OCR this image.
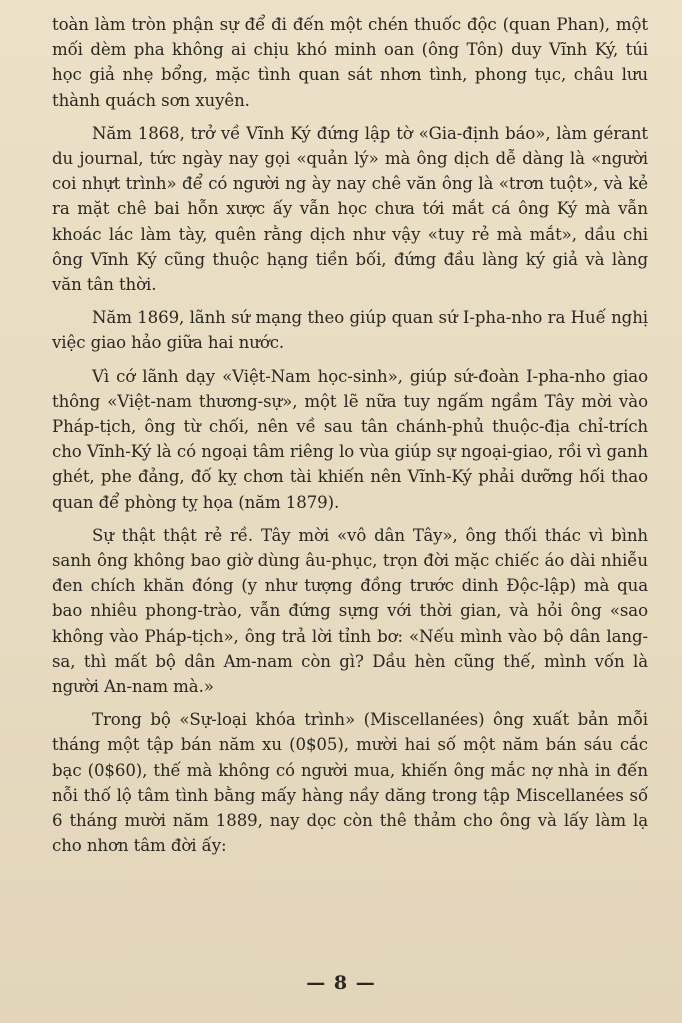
toàn làm tròn phận sự để đi đến một chén thuốc độc (quan Phan), một mối dèm pha không ai chịu khó minh oan (ông Tôn) duy Vĩnh Ký, túi học giả nhẹ bổng, mặc tình quan sát nhơn tình, phong tục, châu lưu thành quách sơn xuyên.

Năm 1868, trở về Vĩnh Ký đứng lập tờ «Gia-định báo», làm gérant du journal, tức ngày nay gọi «quản lý» mà ông dịch dễ dàng là «người coi nhựt trình» để có người ng ày nay chê văn ông là «trơn tuột», và kẻ ra mặt chê bai hỗn xược ấy vẫn học chưa tới mắt cá ông Ký mà vẫn khoác lác làm tày, quên rằng dịch như vậy «tuy rẻ mà mắt», dầu chi ông Vĩnh Ký cũng thuộc hạng tiền bối, đứng đầu làng ký giả và làng văn tân thời.

Năm 1869, lãnh sứ mạng theo giúp quan sứ I-pha-nho ra Huế nghị việc giao hảo giữa hai nước.

Vì cớ lãnh dạy «Việt-Nam học-sinh», giúp sứ-đoàn I-pha-nho giao thông «Việt-nam thương-sự», một lẽ nữa tuy ngấm ngầm Tây mời vào Pháp-tịch, ông từ chối, nên về sau tân chánh-phủ thuộc-địa chỉ-trích cho Vĩnh-Ký là có ngoại tâm riêng lo vùa giúp sự ngoại-giao, rồi vì ganh ghét, phe đảng, đố kỵ chơn tài khiến nên Vĩnh-Ký phải dưỡng hối thao quan để phòng tỵ họa (năm 1879).

Sự thật thật rẻ rề. Tây mời «vô dân Tây», ông thối thác vì bình sanh ông không bao giờ dùng âu-phục, trọn đời mặc chiếc áo dài nhiễu đen chích khăn đóng (y như tượng đồng trước dinh Độc-lập) mà qua bao nhiêu phong-trào, vẫn đứng sựng với thời gian, và hỏi ông «sao không vào Pháp-tịch», ông trả lời tỉnh bơ: «Nếu mình vào bộ dân lang-sa, thì mất bộ dân Am-nam còn gì? Dầu hèn cũng thế, mình vốn là người An-nam mà.»

Trong bộ «Sự-loại khóa trình» (Miscellanées) ông xuất bản mỗi tháng một tập bán năm xu (0$05), mười hai số một năm bán sáu cắc bạc (0$60), thế mà không có người mua, khiến ông mắc nợ nhà in đến nỗi thố lộ tâm tình bằng mấy hàng nầy dăng trong tập Miscellanées số 6 tháng mười năm 1889, nay dọc còn thê thảm cho ông và lấy làm lạ cho nhơn tâm đời ấy:

— 8 —
